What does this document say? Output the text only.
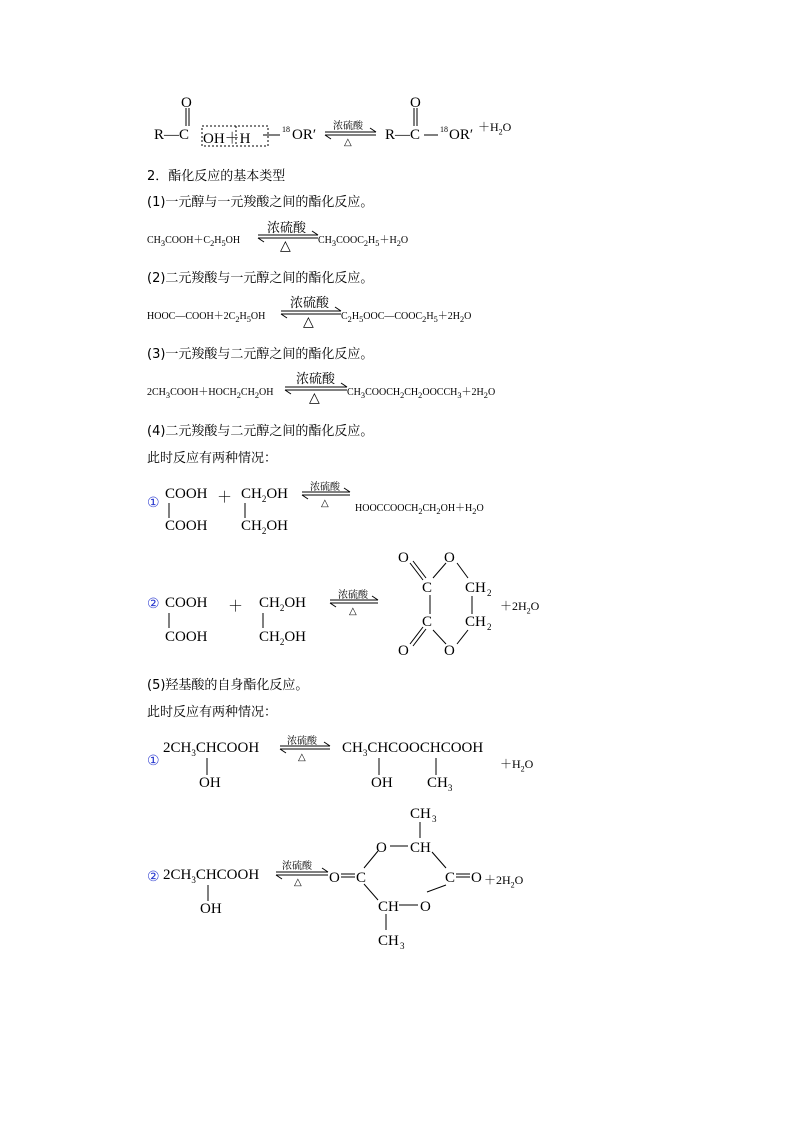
O
R—C OH＋H
18 OR′
浓硫酸
△
O
R—C 18 $OR' +H_2O$
2．酯化反应的基本类型
(1)一元醇与一元羧酸之间的酯化反应。
$CH_3COOH+C_2H_5OH$
浓硫酸
△	$CH_3COOC_2H_5+H_2O$
(2)二元羧酸与一元醇之间的酯化反应。
$HOOC—COOH+2C_2H_5OH$
浓硫酸
△	$C_2H_5OOC—COOC_2H_5+2H_2O$
(3)一元羧酸与二元醇之间的酯化反应。
$2CH_3COOH+HOCH_2CH_2OH$
浓硫酸
△	$CH_3COOCH_2CH_2OOCCH_3+2H_2O$
(4)二元羧酸与二元醇之间的酯化反应。
此时反应有两种情况：
①
COOH
COOH
＋ $CH_2OH$
$CH_2OH$
浓硫酸
△	$HOOCCOOCH_2CH_2OH+H_2O$
② COOH
COOH
＋ $CH_2OH$
$CH_2OH$
浓硫酸
△
O O
C CH 2
C CH 2
O O
$+2H_2O$
(5)羟基酸的自身酯化反应。
此时反应有两种情况：
①
$2CH_3CHCOOH$
OH
浓硫酸
△
$CH_3CHCOOCHCOOH$
OH $CH_3$
$+H_2O$
② $2CH_3CHCOOH$
OH
浓硫酸
△ O C
O CH
CH 3
C O
CH O
CH 3
$+2H_2O$
